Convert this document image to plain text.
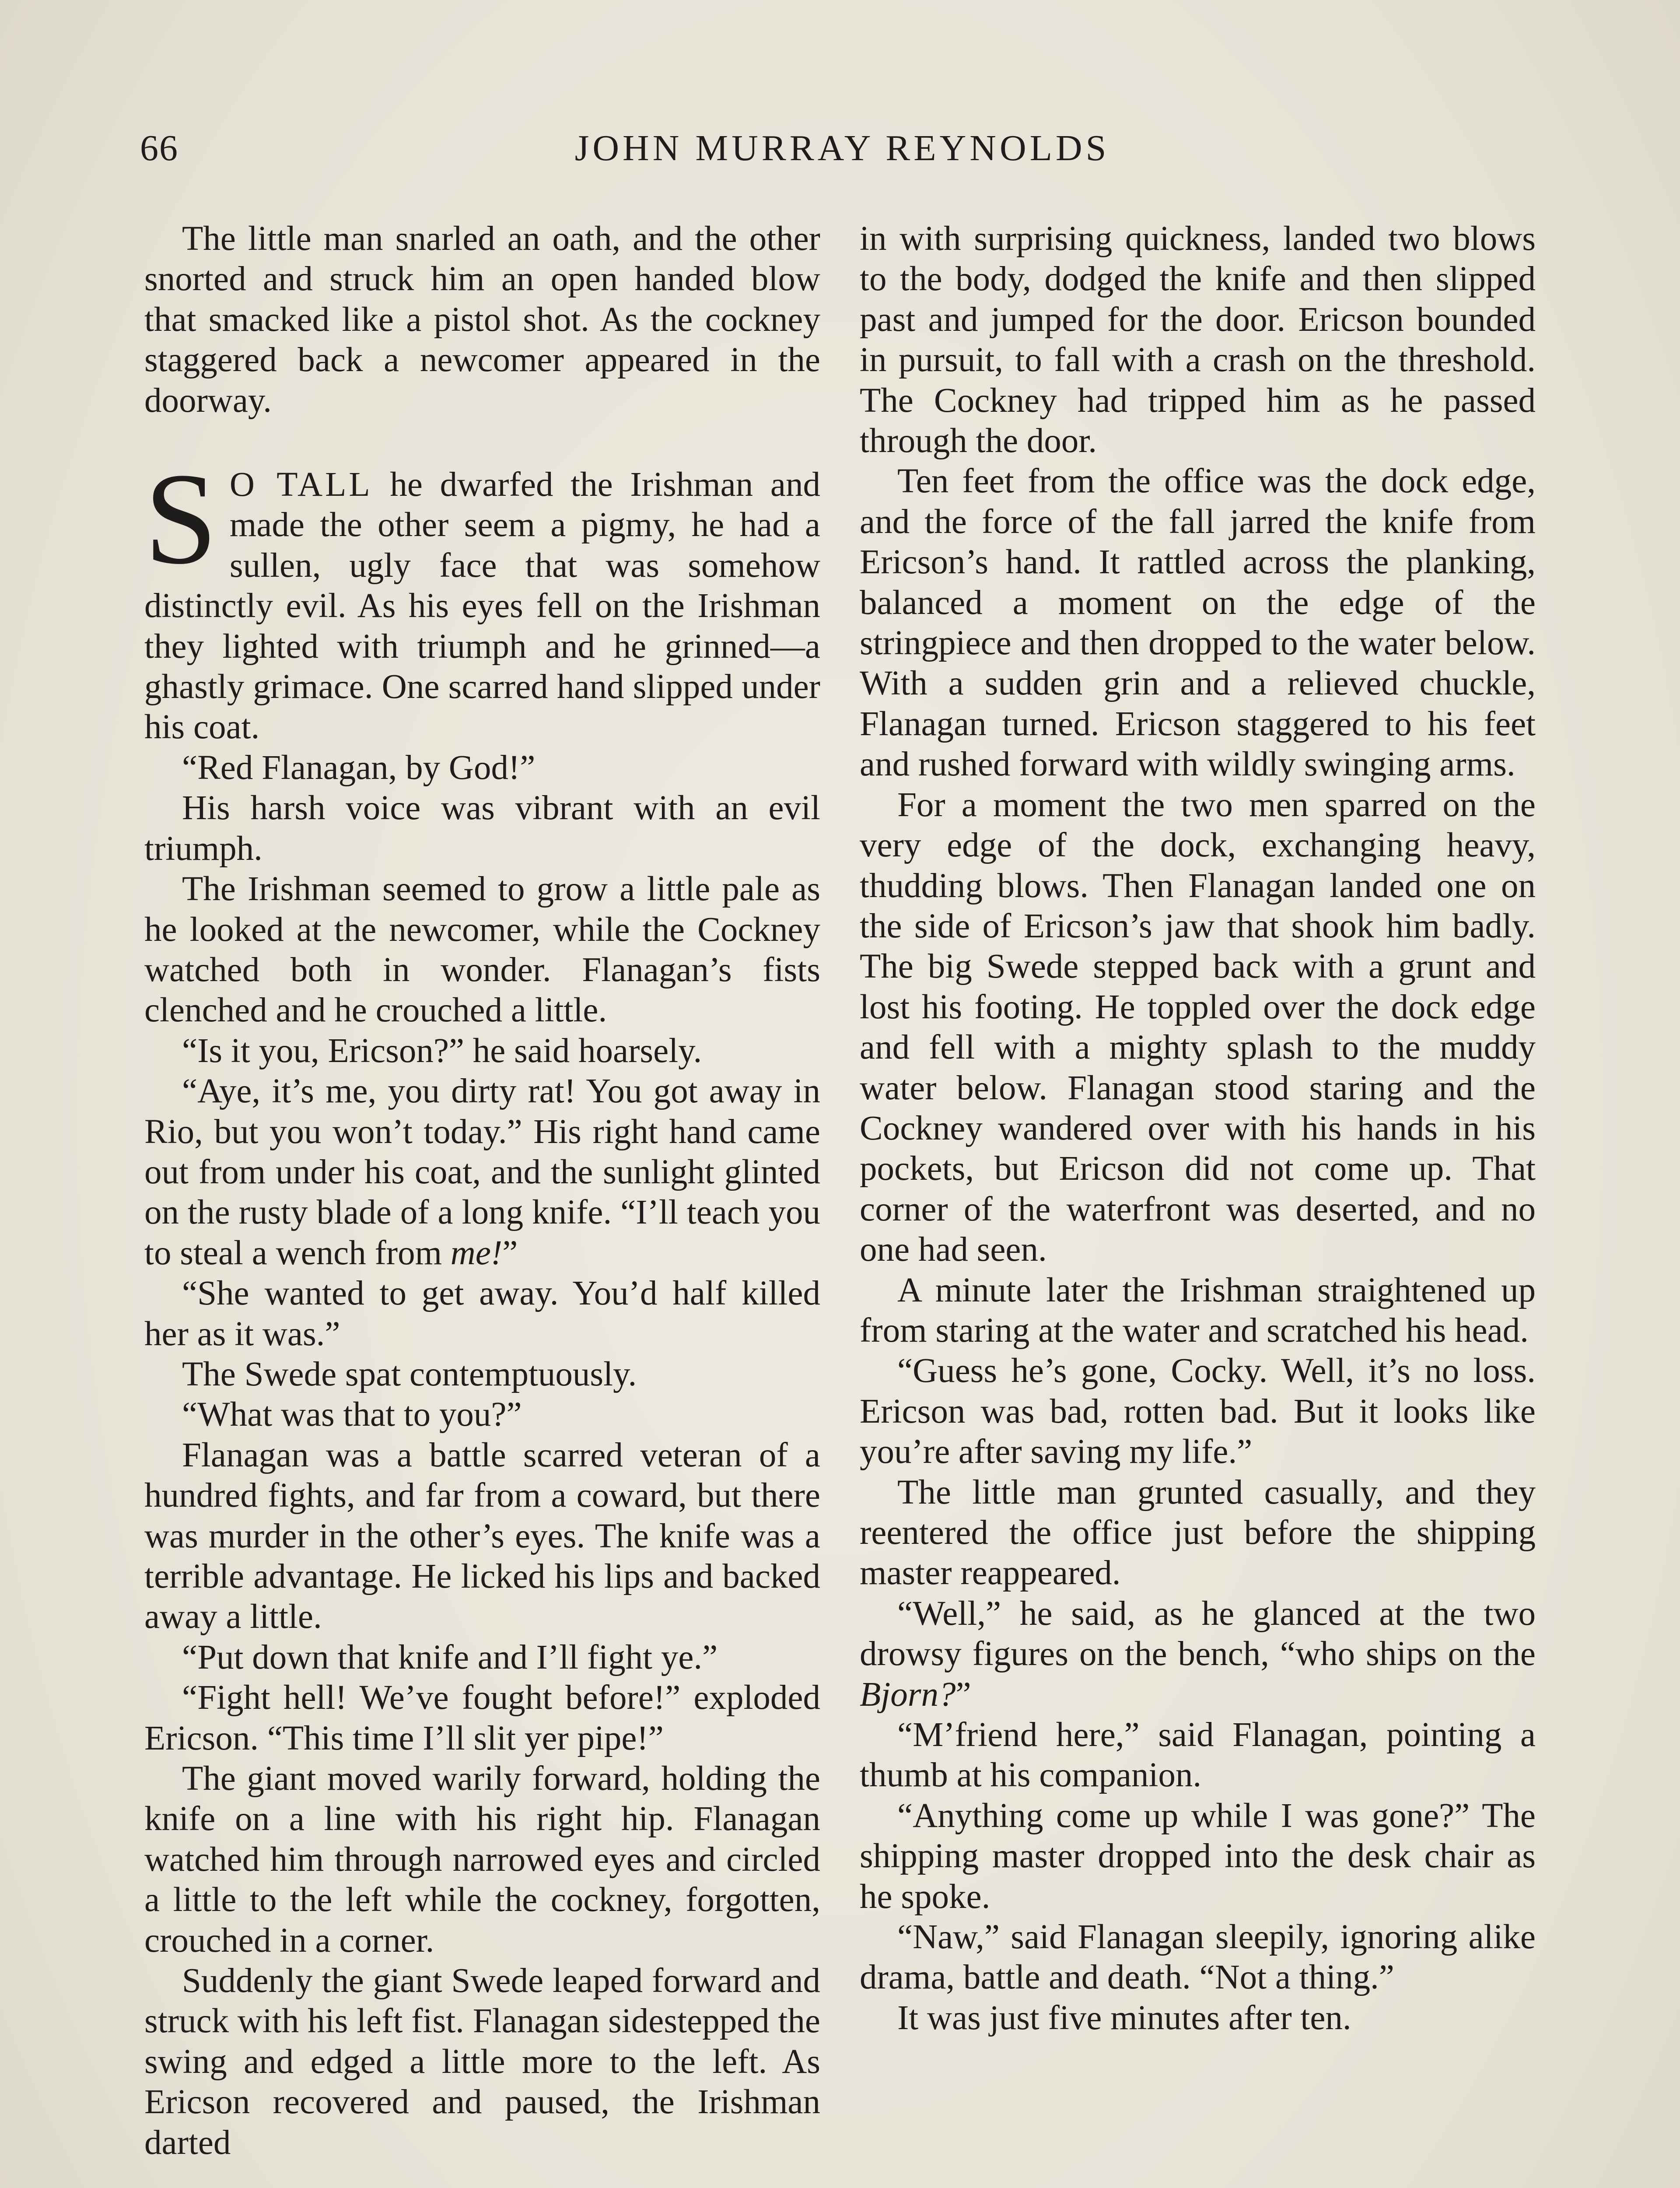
66	JOHN MURRAY REYNOLDS

The little man snarled an oath, and the other snorted and struck him an open handed blow that smacked like a pistol shot. As the cockney staggered back a newcomer appeared in the doorway.

S O TALL he dwarfed the Irishman and made the other seem a pigmy, he had a sullen, ugly face that was somehow distinctly evil. As his eyes fell on the Irishman they lighted with triumph and he grinned—a ghastly grimace. One scarred hand slipped under his coat.

“Red Flanagan, by God!”

His harsh voice was vibrant with an evil triumph.

The Irishman seemed to grow a little pale as he looked at the newcomer, while the Cockney watched both in wonder. Flanagan’s fists clenched and he crouched a little.

“Is it you, Ericson?” he said hoarsely.

“Aye, it’s me, you dirty rat! You got away in Rio, but you won’t today.” His right hand came out from under his coat, and the sunlight glinted on the rusty blade of a long knife. “I’ll teach you to steal a wench from me!”

“She wanted to get away. You’d half killed her as it was.”

The Swede spat contemptuously.

“What was that to you?”

Flanagan was a battle scarred veteran of a hundred fights, and far from a coward, but there was murder in the other’s eyes. The knife was a terrible advantage. He licked his lips and backed away a little.

“Put down that knife and I’ll fight ye.”

“Fight hell! We’ve fought before!” exploded Ericson. “This time I’ll slit yer pipe!”

The giant moved warily forward, holding the knife on a line with his right hip. Flanagan watched him through narrowed eyes and circled a little to the left while the cockney, forgotten, crouched in a corner.

Suddenly the giant Swede leaped forward and struck with his left fist. Flanagan sidestepped the swing and edged a little more to the left. As Ericson recovered and paused, the Irishman darted

in with surprising quickness, landed two blows to the body, dodged the knife and then slipped past and jumped for the door. Ericson bounded in pursuit, to fall with a crash on the threshold. The Cockney had tripped him as he passed through the door.

Ten feet from the office was the dock edge, and the force of the fall jarred the knife from Ericson’s hand. It rattled across the planking, balanced a moment on the edge of the stringpiece and then dropped to the water below. With a sudden grin and a relieved chuckle, Flanagan turned. Ericson staggered to his feet and rushed forward with wildly swinging arms.

For a moment the two men sparred on the very edge of the dock, exchanging heavy, thudding blows. Then Flanagan landed one on the side of Ericson’s jaw that shook him badly. The big Swede stepped back with a grunt and lost his footing. He toppled over the dock edge and fell with a mighty splash to the muddy water below. Flanagan stood staring and the Cockney wandered over with his hands in his pockets, but Ericson did not come up. That corner of the waterfront was deserted, and no one had seen.

A minute later the Irishman straightened up from staring at the water and scratched his head.

“Guess he’s gone, Cocky. Well, it’s no loss. Ericson was bad, rotten bad. But it looks like you’re after saving my life.”

The little man grunted casually, and they reentered the office just before the shipping master reappeared.

“Well,” he said, as he glanced at the two drowsy figures on the bench, “who ships on the Bjorn?”

“M’friend here,” said Flanagan, pointing a thumb at his companion.

“Anything come up while I was gone?” The shipping master dropped into the desk chair as he spoke.

“Naw,” said Flanagan sleepily, ignoring alike drama, battle and death. “Not a thing.”

It was just five minutes after ten.
